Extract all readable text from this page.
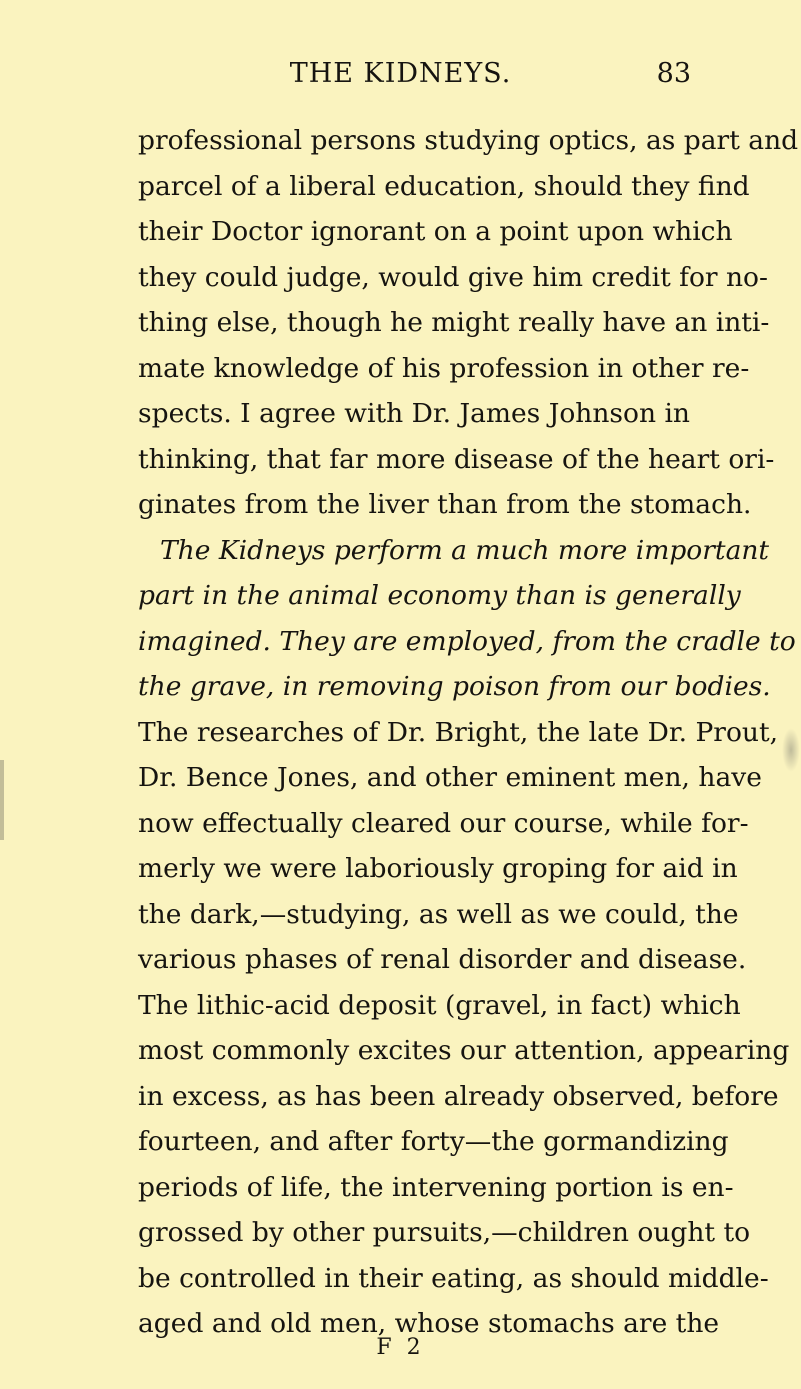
THE KIDNEYS.	83
professional persons studying optics, as part and
parcel of a liberal education, should they find
their Doctor ignorant on a point upon which
they could judge, would give him credit for no-
thing else, though he might really have an inti-
mate knowledge of his profession in other re-
spects. I agree with Dr. James Johnson in
thinking, that far more disease of the heart ori-
ginates from the liver than from the stomach.
The Kidneys perform a much more important
part in the animal economy than is generally
imagined. They are employed, from the cradle to
the grave, in removing poison from our bodies.
The researches of Dr. Bright, the late Dr. Prout,
Dr. Bence Jones, and other eminent men, have
now effectually cleared our course, while for-
merly we were laboriously groping for aid in
the dark,—studying, as well as we could, the
various phases of renal disorder and disease.
The lithic-acid deposit (gravel, in fact) which
most commonly excites our attention, appearing
in excess, as has been already observed, before
fourteen, and after forty—the gormandizing
periods of life, the intervening portion is en-
grossed by other pursuits,—children ought to
be controlled in their eating, as should middle-
aged and old men, whose stomachs are the
F 2
